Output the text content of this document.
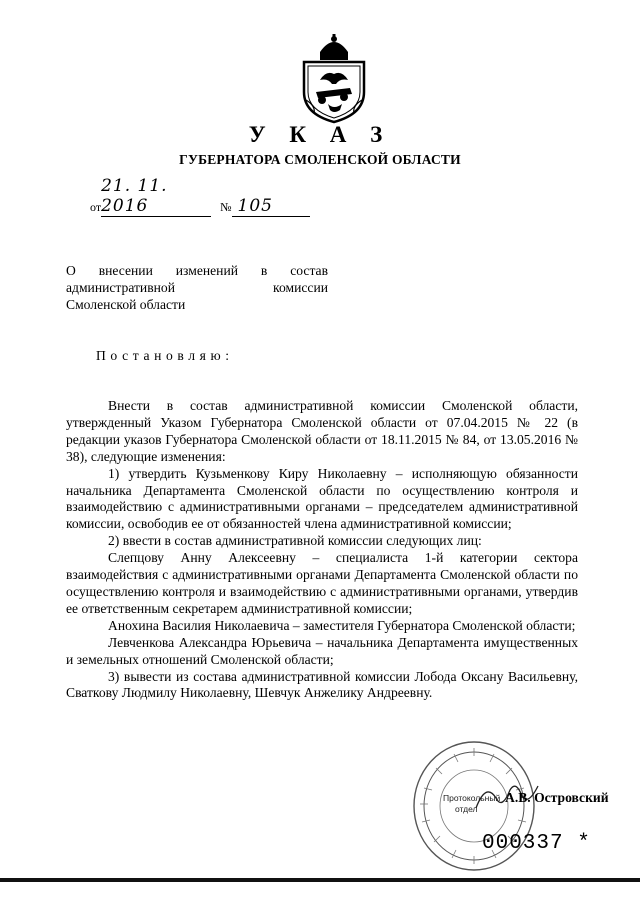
У К А З
ГУБЕРНАТОРА СМОЛЕНСКОЙ ОБЛАСТИ
от21. 11. 2016	№ 105
О внесении изменений в состав
административной комиссии
Смоленской области
Постановляю:

Внести в состав административной комиссии Смоленской области, утвержденный Указом Губернатора Смоленской области от 07.04.2015 № 22 (в редакции указов Губернатора Смоленской области от 18.11.2015 № 84, от 13.05.2016 № 38), следующие изменения:

1) утвердить Кузьменкову Киру Николаевну – исполняющую обязанности начальника Департамента Смоленской области по осуществлению контроля и взаимодействию с административными органами – председателем административной комиссии, освободив ее от обязанностей члена административной комиссии;

2) ввести в состав административной комиссии следующих лиц:

Слепцову Анну Алексеевну – специалиста 1-й категории сектора взаимодействия с административными органами Департамента Смоленской области по осуществлению контроля и взаимодействию с административными органами, утвердив ее ответственным секретарем административной комиссии;

Анохина Василия Николаевича – заместителя Губернатора Смоленской области;

Левченкова Александра Юрьевича – начальника Департамента имущественных и земельных отношений Смоленской области;

3) вывести из состава административной комиссии Лобода Оксану Васильевну, Сваткову Людмилу Николаевну, Шевчук Анжелику Андреевну.

Протокольный
отдел
А.В. Островский
000337 *
